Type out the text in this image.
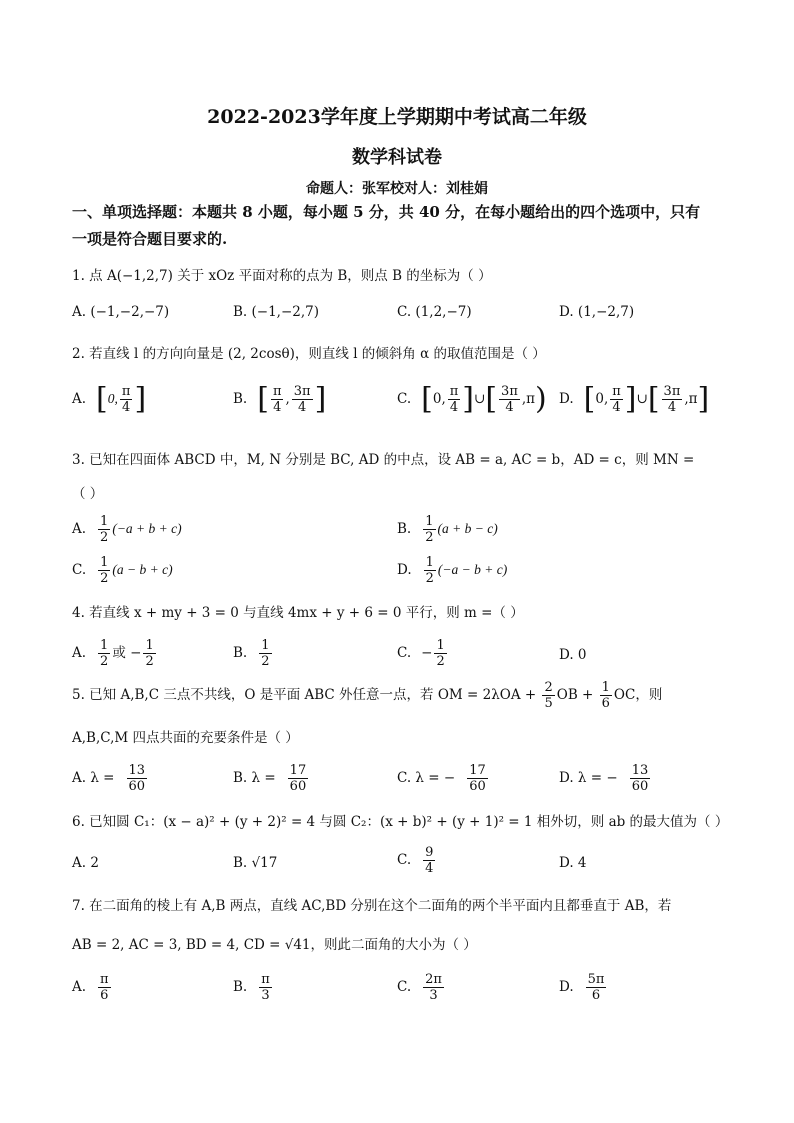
2022-2023学年度上学期期中考试高二年级
数学科试卷
命题人：张军校对人：刘桂娟
一、单项选择题：本题共 8 小题，每小题 5 分，共 40 分，在每小题给出的四个选项中，只有
一项是符合题目要求的.
1. 点 A(−1,2,7) 关于 xOz 平面对称的点为 B，则点 B 的坐标为（ ）
A. (−1,−2,−7)	B. (−1,−2,7)	C. (1,2,−7)	D. (1,−2,7)
2. 若直线 l 的方向向量是 (2, 2cosθ)，则直线 l 的倾斜角 α 的取值范围是（ ）
A. [0, $\frac{\pi}{4}$ ]	B. [ $\frac{\pi}{4}$ , $\frac{3\pi}{4}$ ]	C. [0, $\frac{\pi}{4}$ ]∪[ $\frac{3\pi}{4} ,\pi$) D. [0, $\frac{\pi}{4}$ ]∪[ $\frac{3\pi}{4} ,\pi$]
3. 已知在四面体 ABCD 中，M, N 分别是 BC, AD 的中点，设 AB = a, AC = b，AD = c，则 MN =
（ ）
A. $\frac{1}{2} (-a + b + c)$	B. $\frac{1}{2} (a + b - c)$
C. $\frac{1}{2} (a - b + c)$	D. $\frac{1}{2} (-a - b + c)$
4. 若直线 x + my + 3 = 0 与直线 4mx + y + 6 = 0 平行，则 m =（ ）
A. $\frac{1}{2}$ 或 − $\frac{1}{2}$	B. $\frac{1}{2}$	C. − $\frac{1}{2}$	D. 0
5. 已知 A,B,C 三点不共线，O 是平面 ABC 外任意一点，若 OM = $2\lambda OA + \frac{2}{5}$ OB + $\frac{1}{6}$ OC，则
A,B,C,M 四点共面的充要条件是（ ）
A. $\lambda = \frac{13}{60}$	B. $\lambda = \frac{17}{60}$	C. λ = − $\frac{17}{60}$	D. λ = − $\frac{13}{60}$
6. 已知圆 C₁：(x − a)² + (y + 2)² = 4 与圆 C₂：(x + b)² + (y + 1)² = 1 相外切，则 ab 的最大值为（ ）
A. 2	B. √17	C. $\frac{9}{4}$	D. 4
7. 在二面角的棱上有 A,B 两点，直线 AC,BD 分别在这个二面角的两个半平面内且都垂直于 AB，若
AB = 2, AC = 3, BD = 4, CD = √41，则此二面角的大小为（ ）
A. $\frac{\pi}{6}$	B. $\frac{\pi}{3}$	C. $\frac{2\pi}{3}$	D. $\frac{5\pi}{6}$
